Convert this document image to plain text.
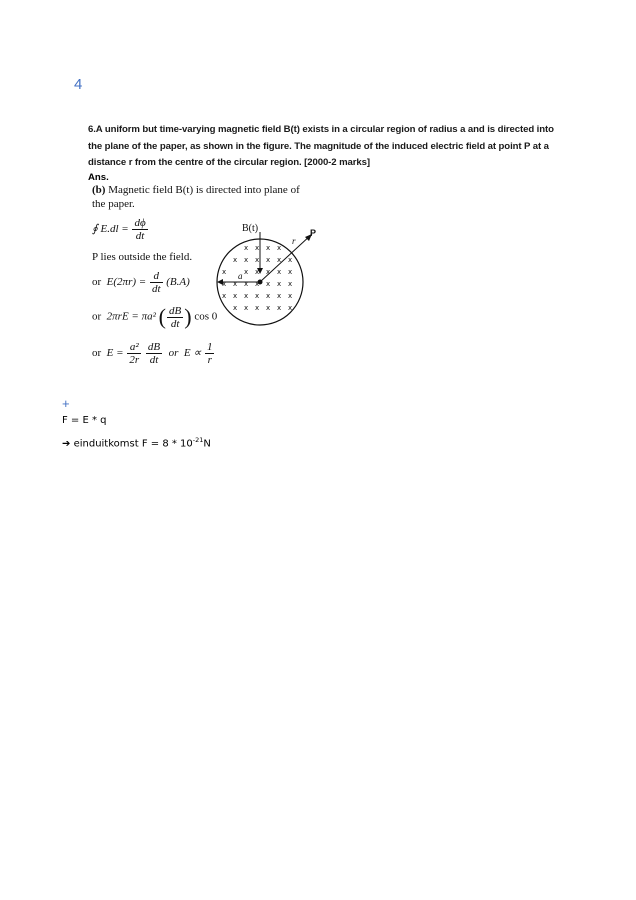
4
6.A uniform but time-varying magnetic field B(t) exists in a circular region of radius a and is directed into
the plane of the paper, as shown in the figure. The magnitude of the induced electric field at point P at a
distance r from the centre of the circular region. [2000-2 marks]
Ans.
(b) Magnetic field B(t) is directed into plane of
the paper.
∮ $E.dl = \frac{d\phi}{dt}$
P lies outside the field.
or $E(2\pi r) = \frac{d}{dt} (B.A)$
or 2πrE = πa² ( $\frac{dB}{dt}$ ) cos 0
or $E = \frac{\text{a²}}{2r}$
$\frac{dB}{dt}$ or $E \propto \frac{1}{r}$
B(t)
r
P
a
x x x x
x x x x x x
x	x x x x x
x x x x x x x
x x x x x x x
x x x x x x
+
F = E * q
➔ einduitkomst $F = 8 * 10^{-21}N$
